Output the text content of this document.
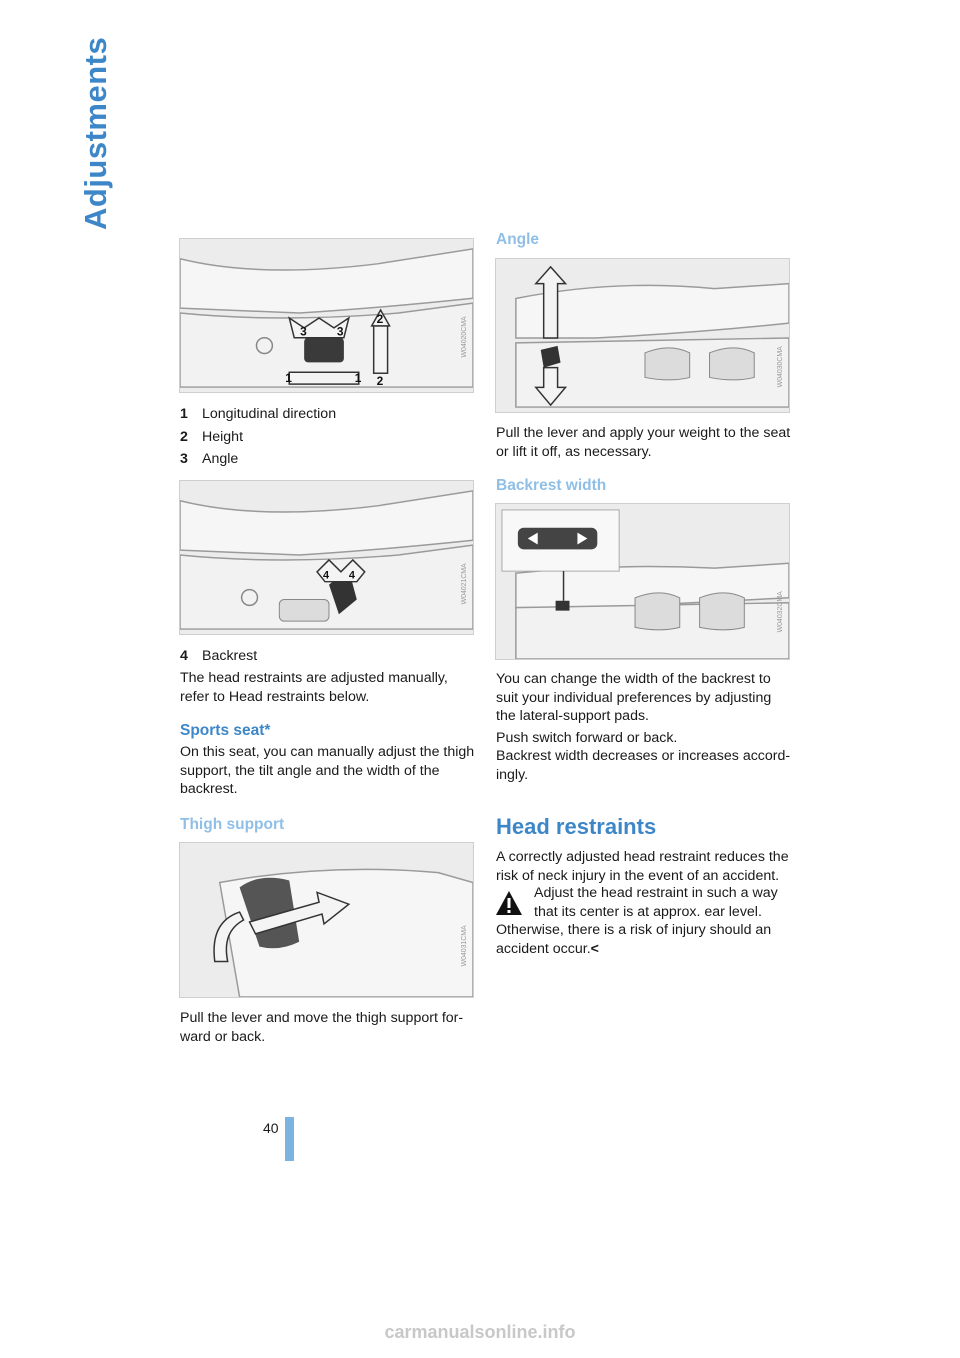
Adjustments
3	3
2
2
1	1
W04020CMA
1 Longitudinal direction
2 Height
3 Angle
4 4	W04021CMA
4 Backrest
The head restraints are adjusted manually, refer to Head restraints below.
Sports seat*
On this seat, you can manually adjust the thigh support, the tilt angle and the width of the backrest.
Thigh support
W04031CMA
Pull the lever and move the thigh support forward or back.
Angle
W04030CMA
Pull the lever and apply your weight to the seat or lift it off, as necessary.
Backrest width
W04032CMA
You can change the width of the backrest to suit your individual preferences by adjusting the lateral-support pads.
Push switch forward or back.
Backrest width decreases or increases accordingly.
Head restraints
A correctly adjusted head restraint reduces the risk of neck injury in the event of an accident.
Adjust the head restraint in such a way that its center is at approx. ear level. Otherwise, there is a risk of injury should an accident occur.<
40
carmanualsonline.info
